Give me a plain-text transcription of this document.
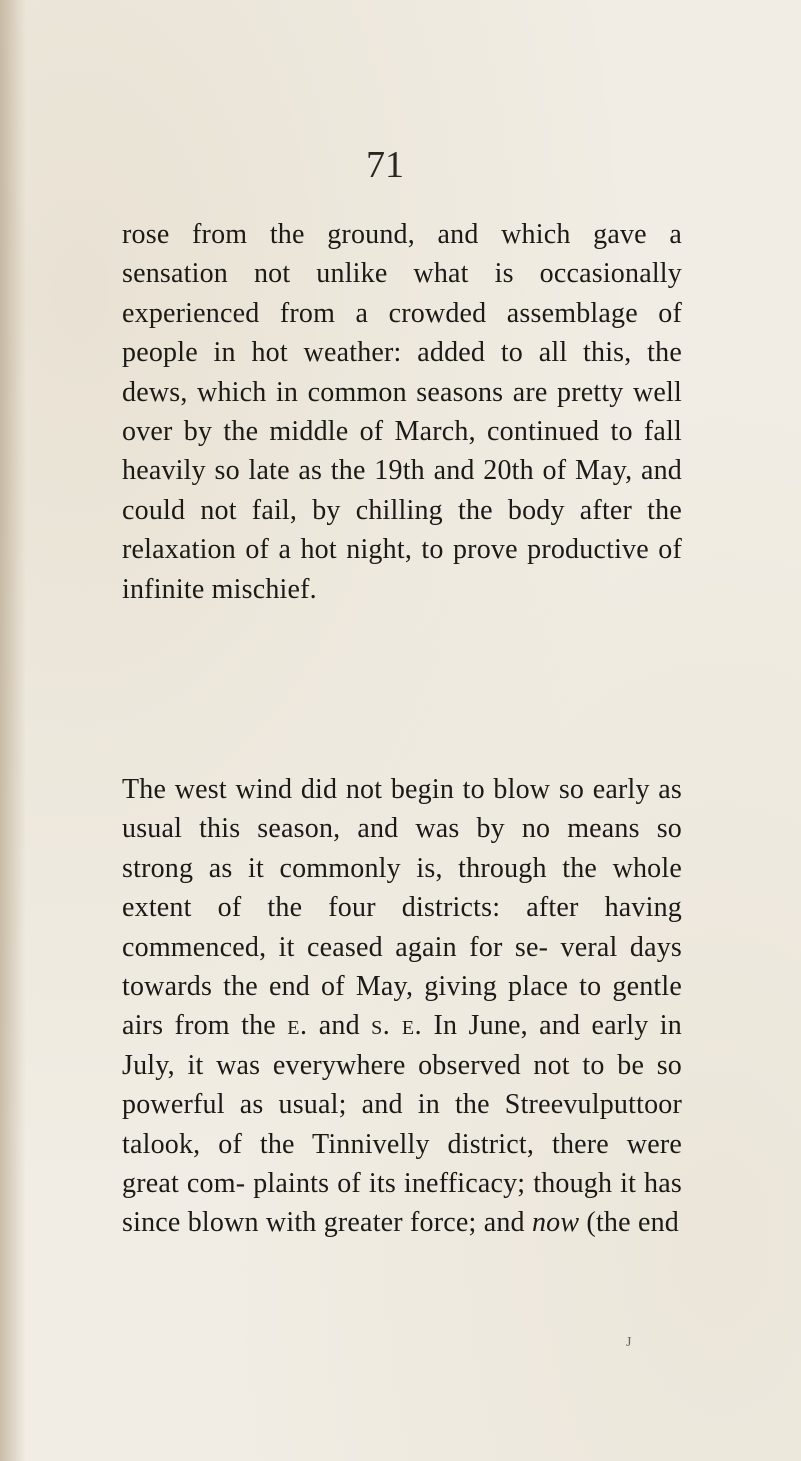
71

rose from the ground, and which gave a sensation not unlike what is occasionally experienced from a crowded assemblage of people in hot weather: added to all this, the dews, which in common seasons are pretty well over by the middle of March, continued to fall heavily so late as the 19th and 20th of May, and could not fail, by chilling the body after the relaxation of a hot night, to prove productive of infinite mischief.

The west wind did not begin to blow so early as usual this season, and was by no means so strong as it commonly is, through the whole extent of the four districts: after having commenced, it ceased again for se- veral days towards the end of May, giving place to gentle airs from the e. and s. e. In June, and early in July, it was everywhere observed not to be so powerful as usual; and in the Streevulputtoor talook, of the Tinnivelly district, there were great com- plaints of its inefficacy; though it has since blown with greater force; and now (the end

J
